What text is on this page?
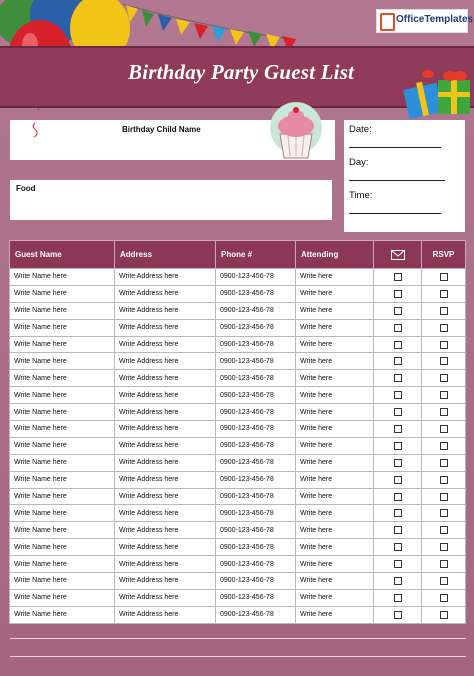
Birthday Party Guest List
OfficeTemplates
Birthday Child Name
Food
Date:
Day:
Time:
Guest Name	Address	Phone #	Attending		RSVP
Write Name here	Write Address here	0900-123-456-78	Write here		
Write Name here	Write Address here	0900-123-456-78	Write here		
Write Name here	Write Address here	0900-123-456-78	Write here		
Write Name here	Write Address here	0900-123-456-78	Write here		
Write Name here	Write Address here	0900-123-456-78	Write here		
Write Name here	Write Address here	0900-123-456-78	Write here		
Write Name here	Write Address here	0900-123-456-78	Write here		
Write Name here	Write Address here	0900-123-456-78	Write here		
Write Name here	Write Address here	0900-123-456-78	Write here		
Write Name here	Write Address here	0900-123-456-78	Write here		
Write Name here	Write Address here	0900-123-456-78	Write here		
Write Name here	Write Address here	0900-123-456-78	Write here		
Write Name here	Write Address here	0900-123-456-78	Write here		
Write Name here	Write Address here	0900-123-456-78	Write here		
Write Name here	Write Address here	0900-123-456-78	Write here		
Write Name here	Write Address here	0900-123-456-78	Write here		
Write Name here	Write Address here	0900-123-456-78	Write here		
Write Name here	Write Address here	0900-123-456-78	Write here		
Write Name here	Write Address here	0900-123-456-78	Write here		
Write Name here	Write Address here	0900-123-456-78	Write here		
Write Name here	Write Address here	0900-123-456-78	Write here		
